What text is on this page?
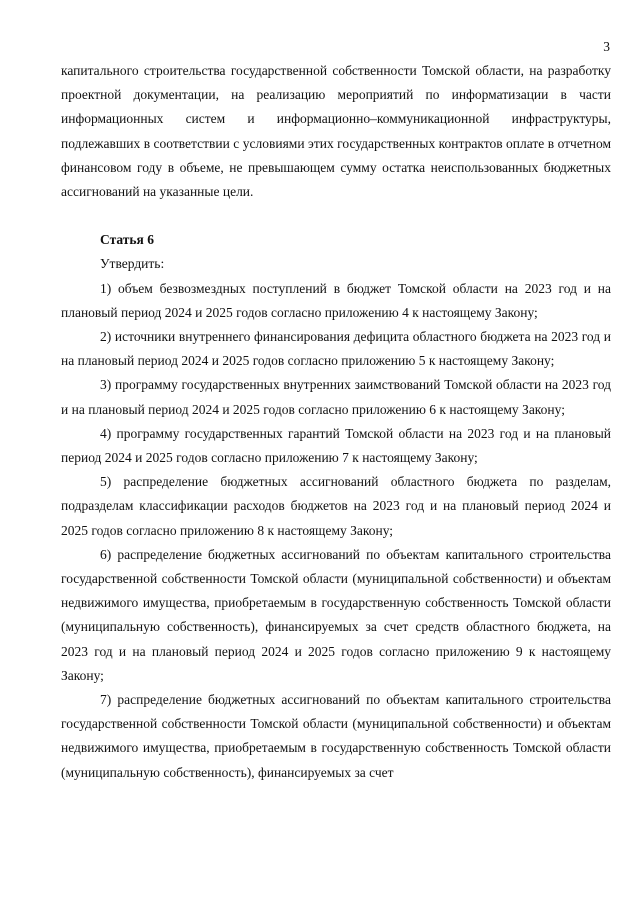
3

капитального строительства государственной собственности Томской области, на разработку проектной документации, на реализацию мероприятий по информатизации в части информационных систем и информационно–коммуникационной инфраструктуры, подлежавших в соответствии с условиями этих государственных контрактов оплате в отчетном финансовом году в объеме, не превышающем сумму остатка неиспользованных бюджетных ассигнований на указанные цели.

Статья 6

Утвердить:

1) объем безвозмездных поступлений в бюджет Томской области на 2023 год и на плановый период 2024 и 2025 годов согласно приложению 4 к настоящему Закону;

2) источники внутреннего финансирования дефицита областного бюджета на 2023 год и на плановый период 2024 и 2025 годов согласно приложению 5 к настоящему Закону;

3) программу государственных внутренних заимствований Томской области на 2023 год и на плановый период 2024 и 2025 годов согласно приложению 6 к настоящему Закону;

4) программу государственных гарантий Томской области на 2023 год и на плановый период 2024 и 2025 годов согласно приложению 7 к настоящему Закону;

5) распределение бюджетных ассигнований областного бюджета по разделам, подразделам классификации расходов бюджетов на 2023 год и на плановый период 2024 и 2025 годов согласно приложению 8 к настоящему Закону;

6) распределение бюджетных ассигнований по объектам капитального строительства государственной собственности Томской области (муниципальной собственности) и объектам недвижимого имущества, приобретаемым в государственную собственность Томской области (муниципальную собственность), финансируемых за счет средств областного бюджета, на 2023 год и на плановый период 2024 и 2025 годов согласно приложению 9 к настоящему Закону;

7) распределение бюджетных ассигнований по объектам капитального строительства государственной собственности Томской области (муниципальной собственности) и объектам недвижимого имущества, приобретаемым в государственную собственность Томской области (муниципальную собственность), финансируемых за счет
